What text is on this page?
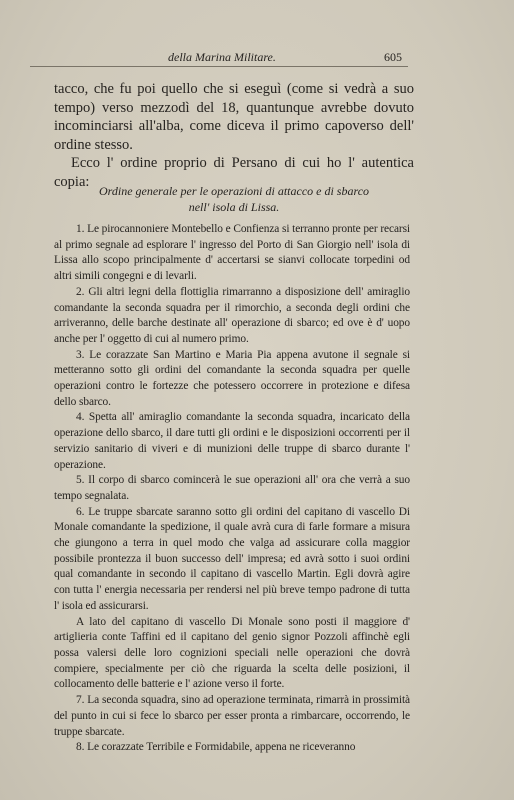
della Marina Militare.	605

tacco, che fu poi quello che si eseguì (come si vedrà a suo tempo) verso mezzodì del 18, quantunque avrebbe dovuto incominciarsi all'alba, come diceva il primo capoverso dell' ordine stesso.

Ecco l' ordine proprio di Persano di cui ho l' autentica copia:

Ordine generale per le operazioni di attacco e di sbarco
nell' isola di Lissa.

1. Le pirocannoniere Montebello e Confienza si terranno pronte per recarsi al primo segnale ad esplorare l' ingresso del Porto di San Giorgio nell' isola di Lissa allo scopo principalmente d' accertarsi se sianvi collocate torpedini od altri simili congegni e di levarli.

2. Gli altri legni della flottiglia rimarranno a disposizione dell' amiraglio comandante la seconda squadra per il rimorchio, a seconda degli ordini che arriveranno, delle barche destinate all' operazione di sbarco; ed ove è d' uopo anche per l' oggetto di cui al numero primo.

3. Le corazzate San Martino e Maria Pia appena avutone il segnale si metteranno sotto gli ordini del comandante la seconda squadra per quelle operazioni contro le fortezze che potessero occorrere in protezione e difesa dello sbarco.

4. Spetta all' amiraglio comandante la seconda squadra, incaricato della operazione dello sbarco, il dare tutti gli ordini e le disposizioni occorrenti per il servizio sanitario di viveri e di munizioni delle truppe di sbarco durante l' operazione.

5. Il corpo di sbarco comincerà le sue operazioni all' ora che verrà a suo tempo segnalata.

6. Le truppe sbarcate saranno sotto gli ordini del capitano di vascello Di Monale comandante la spedizione, il quale avrà cura di farle formare a misura che giungono a terra in quel modo che valga ad assicurare colla maggior possibile prontezza il buon successo dell' impresa; ed avrà sotto i suoi ordini qual comandante in secondo il capitano di vascello Martin. Egli dovrà agire con tutta l' energia necessaria per rendersi nel più breve tempo padrone di tutta l' isola ed assicurarsi.

A lato del capitano di vascello Di Monale sono posti il maggiore d' artiglieria conte Taffini ed il capitano del genio signor Pozzoli affinchè egli possa valersi delle loro cognizioni speciali nelle operazioni che dovrà compiere, specialmente per ciò che riguarda la scelta delle posizioni, il collocamento delle batterie e l' azione verso il forte.

7. La seconda squadra, sino ad operazione terminata, rimarrà in prossimità del punto in cui si fece lo sbarco per esser pronta a rimbarcare, occorrendo, le truppe sbarcate.

8. Le corazzate Terribile e Formidabile, appena ne riceveranno
